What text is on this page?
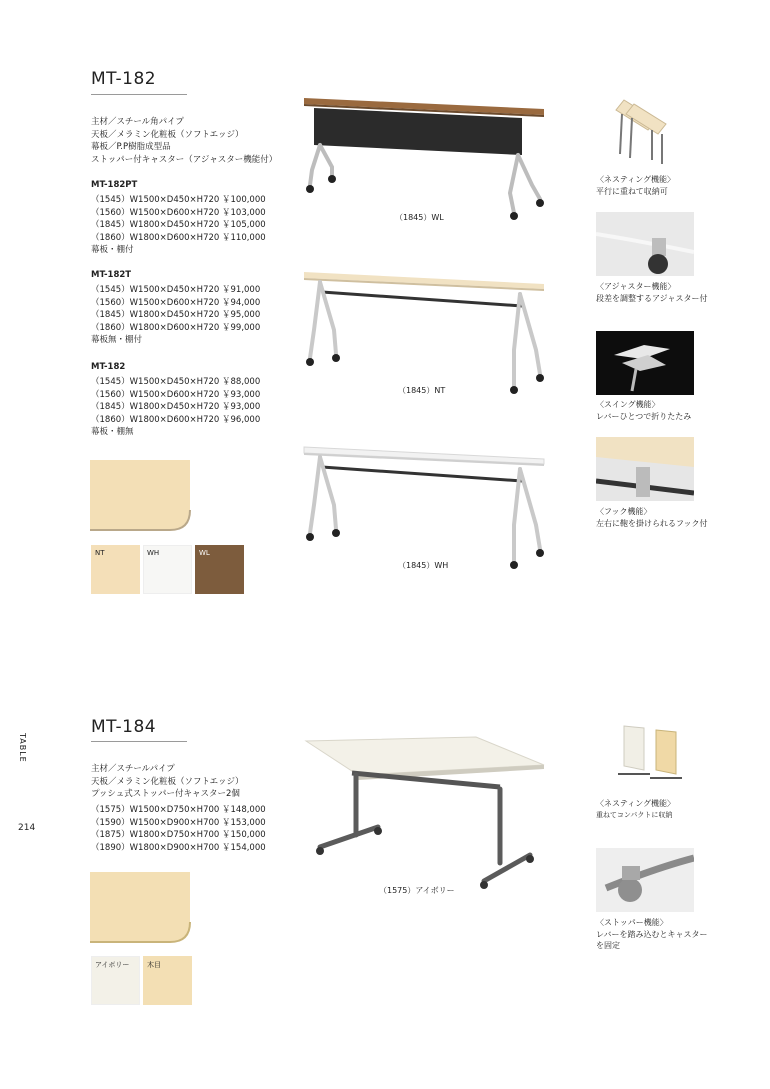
TABLE
214
MT-182
主材／スチール角パイプ
天板／メラミン化粧板（ソフトエッジ）
幕板／P.P樹脂成型品
ストッパー付キャスター（アジャスター機能付）
MT-182PT
（1545）W1500×D450×H720 ￥100,000
（1560）W1500×D600×H720 ￥103,000
（1845）W1800×D450×H720 ￥105,000
（1860）W1800×D600×H720 ￥110,000
幕板・棚付
MT-182T
（1545）W1500×D450×H720 ￥91,000
（1560）W1500×D600×H720 ￥94,000
（1845）W1800×D450×H720 ￥95,000
（1860）W1800×D600×H720 ￥99,000
幕板無・棚付
MT-182
（1545）W1500×D450×H720 ￥88,000
（1560）W1500×D600×H720 ￥93,000
（1845）W1800×D450×H720 ￥93,000
（1860）W1800×D600×H720 ￥96,000
幕板・棚無
NT	WH	WL
（1845）WL
（1845）NT
（1845）WH
〈ネスティング機能〉
平行に重ねて収納可
〈アジャスター機能〉
段差を調整するアジャスター付
〈スイング機能〉
レバーひとつで折りたたみ
〈フック機能〉
左右に鞄を掛けられるフック付
MT-184
主材／スチールパイプ
天板／メラミン化粧板（ソフトエッジ）
プッシュ式ストッパー付キャスター2個
（1575）W1500×D750×H700 ￥148,000
（1590）W1500×D900×H700 ￥153,000
（1875）W1800×D750×H700 ￥150,000
（1890）W1800×D900×H700 ￥154,000
アイボリー	木目
（1575）アイボリー
〈ネスティング機能〉
重ねてコンパクトに収納
〈ストッパー機能〉
レバーを踏み込むとキャスター
を固定
